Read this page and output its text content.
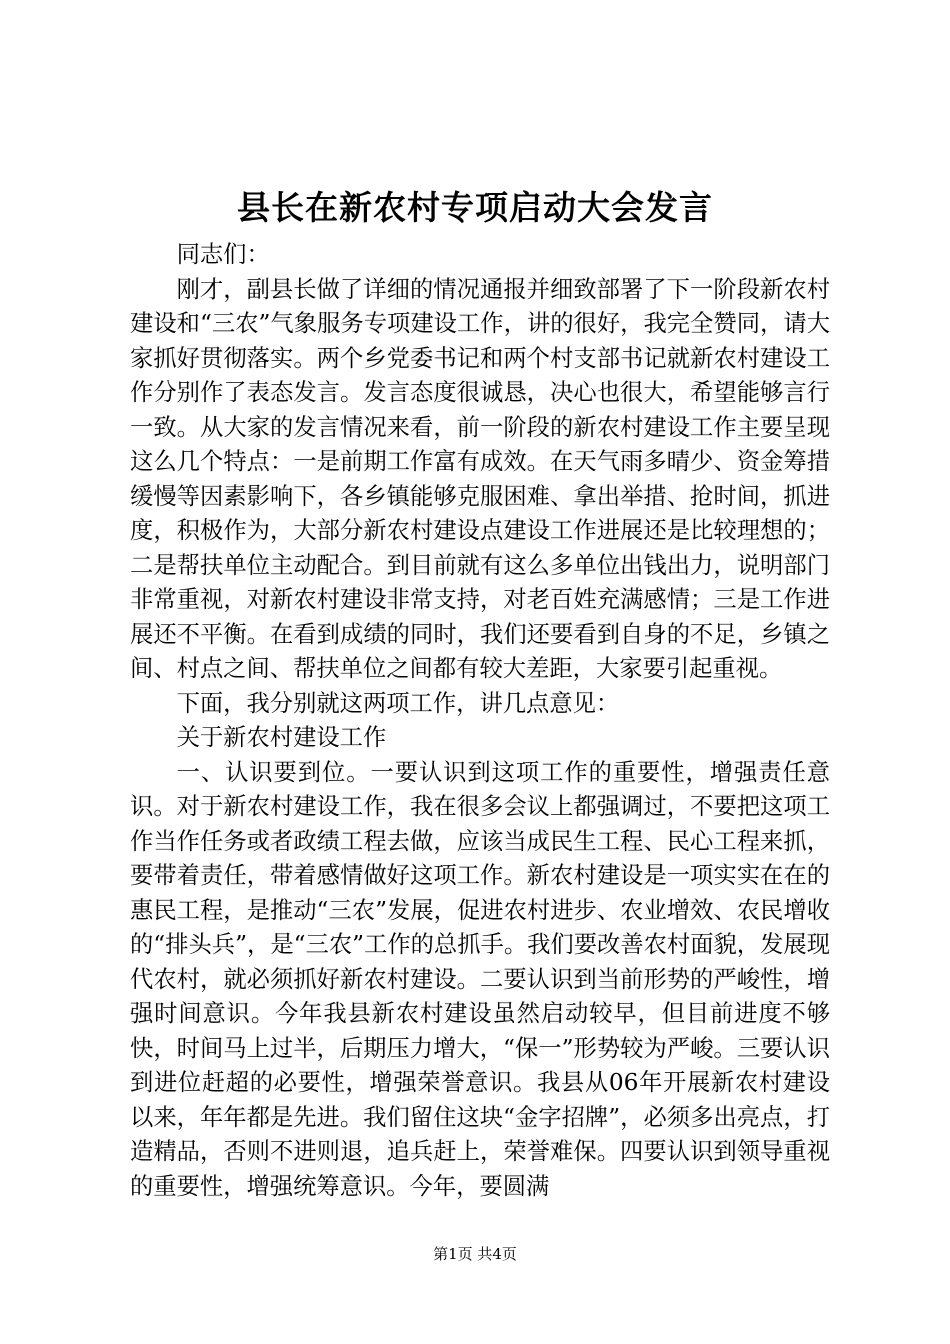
县长在新农村专项启动大会发言

同志们：

刚才，副县长做了详细的情况通报并细致部署了下一阶段新农村建设和“三农”气象服务专项建设工作，讲的很好，我完全赞同，请大家抓好贯彻落实。两个乡党委书记和两个村支部书记就新农村建设工作分别作了表态发言。发言态度很诚恳，决心也很大，希望能够言行一致。从大家的发言情况来看，前一阶段的新农村建设工作主要呈现这么几个特点：一是前期工作富有成效。在天气雨多晴少、资金筹措缓慢等因素影响下，各乡镇能够克服困难、拿出举措、抢时间，抓进度，积极作为，大部分新农村建设点建设工作进展还是比较理想的；二是帮扶单位主动配合。到目前就有这么多单位出钱出力，说明部门非常重视，对新农村建设非常支持，对老百姓充满感情；三是工作进展还不平衡。在看到成绩的同时，我们还要看到自身的不足，乡镇之间、村点之间、帮扶单位之间都有较大差距，大家要引起重视。

下面，我分别就这两项工作，讲几点意见：

关于新农村建设工作

一、认识要到位。一要认识到这项工作的重要性，增强责任意识。对于新农村建设工作，我在很多会议上都强调过，不要把这项工作当作任务或者政绩工程去做，应该当成民生工程、民心工程来抓，要带着责任，带着感情做好这项工作。新农村建设是一项实实在在的惠民工程，是推动“三农”发展，促进农村进步、农业增效、农民增收的“排头兵”，是“三农”工作的总抓手。我们要改善农村面貌，发展现代农村，就必须抓好新农村建设。二要认识到当前形势的严峻性，增强时间意识。今年我县新农村建设虽然启动较早，但目前进度不够快，时间马上过半，后期压力增大，“保一”形势较为严峻。三要认识到进位赶超的必要性，增强荣誉意识。我县从06年开展新农村建设以来，年年都是先进。我们留住这块“金字招牌”，必须多出亮点，打造精品，否则不进则退，追兵赶上，荣誉难保。四要认识到领导重视的重要性，增强统筹意识。今年，要圆满

第1页 共4页
